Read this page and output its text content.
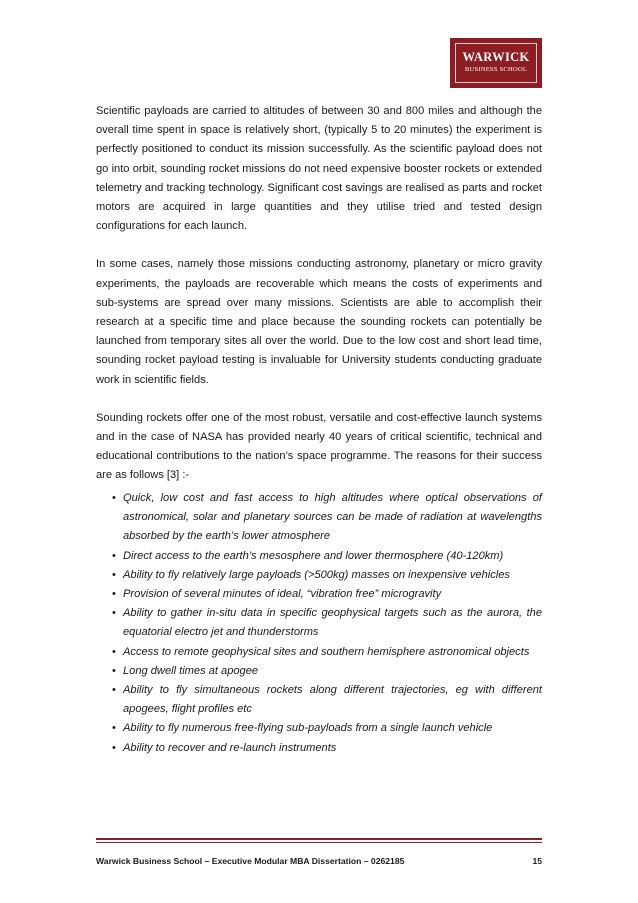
WARWICK
BUSINESS SCHOOL

Scientific payloads are carried to altitudes of between 30 and 800 miles and although the overall time spent in space is relatively short, (typically 5 to 20 minutes) the experiment is perfectly positioned to conduct its mission successfully. As the scientific payload does not go into orbit, sounding rocket missions do not need expensive booster rockets or extended telemetry and tracking technology. Significant cost savings are realised as parts and rocket motors are acquired in large quantities and they utilise tried and tested design configurations for each launch.

In some cases, namely those missions conducting astronomy, planetary or micro gravity experiments, the payloads are recoverable which means the costs of experiments and sub-systems are spread over many missions. Scientists are able to accomplish their research at a specific time and place because the sounding rockets can potentially be launched from temporary sites all over the world. Due to the low cost and short lead time, sounding rocket payload testing is invaluable for University students conducting graduate work in scientific fields.

Sounding rockets offer one of the most robust, versatile and cost-effective launch systems and in the case of NASA has provided nearly 40 years of critical scientific, technical and educational contributions to the nation’s space programme. The reasons for their success are as follows [3] :-

• Quick, low cost and fast access to high altitudes where optical observations of astronomical, solar and planetary sources can be made of radiation at wavelengths absorbed by the earth’s lower atmosphere
• Direct access to the earth’s mesosphere and lower thermosphere (40-120km)
• Ability to fly relatively large payloads (>500kg) masses on inexpensive vehicles
• Provision of several minutes of ideal, “vibration free” microgravity
• Ability to gather in-situ data in specific geophysical targets such as the aurora, the equatorial electro jet and thunderstorms
• Access to remote geophysical sites and southern hemisphere astronomical objects
• Long dwell times at apogee
• Ability to fly simultaneous rockets along different trajectories, eg with different apogees, flight profiles etc
• Ability to fly numerous free-flying sub-payloads from a single launch vehicle
• Ability to recover and re-launch instruments
Warwick Business School – Executive Modular MBA Dissertation – 0262185	15
